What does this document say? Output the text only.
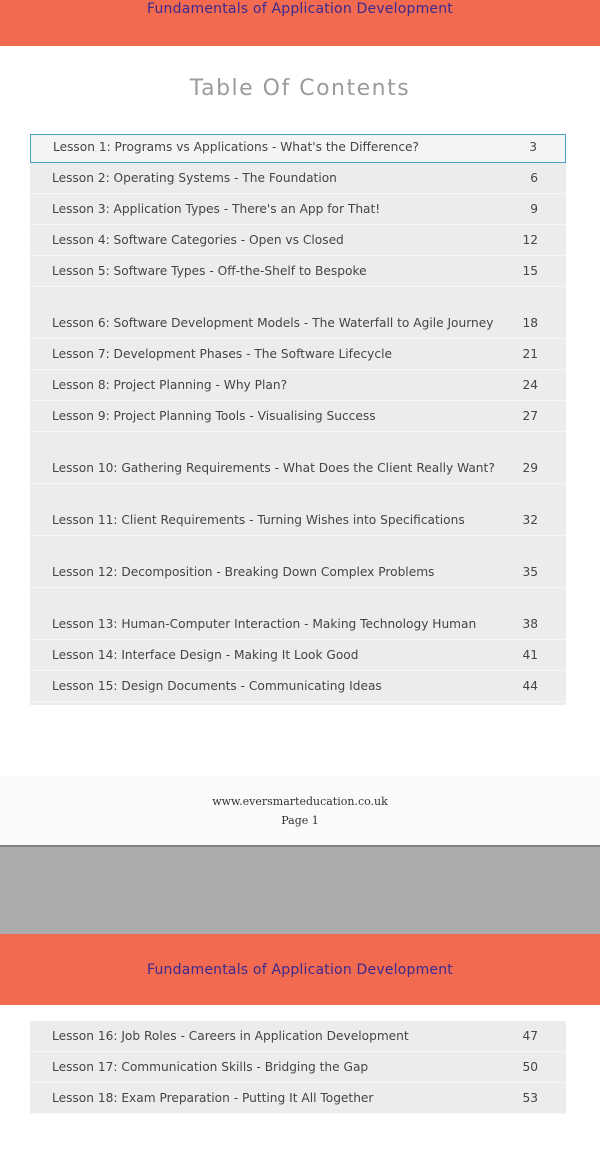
Fundamentals of Application Development
Table Of Contents
Lesson 1: Programs vs Applications - What's the Difference?	3
Lesson 2: Operating Systems - The Foundation	6
Lesson 3: Application Types - There's an App for That!	9
Lesson 4: Software Categories - Open vs Closed	12
Lesson 5: Software Types - Off-the-Shelf to Bespoke	15
Lesson 6: Software Development Models - The Waterfall to Agile Journey	18
Lesson 7: Development Phases - The Software Lifecycle	21
Lesson 8: Project Planning - Why Plan?	24
Lesson 9: Project Planning Tools - Visualising Success	27
Lesson 10: Gathering Requirements - What Does the Client Really Want?	29
Lesson 11: Client Requirements - Turning Wishes into Specifications	32
Lesson 12: Decomposition - Breaking Down Complex Problems	35
Lesson 13: Human-Computer Interaction - Making Technology Human	38
Lesson 14: Interface Design - Making It Look Good	41
Lesson 15: Design Documents - Communicating Ideas	44
www.eversmarteducation.co.uk
Page 1
Fundamentals of Application Development
Lesson 16: Job Roles - Careers in Application Development	47
Lesson 17: Communication Skills - Bridging the Gap	50
Lesson 18: Exam Preparation - Putting It All Together	53
